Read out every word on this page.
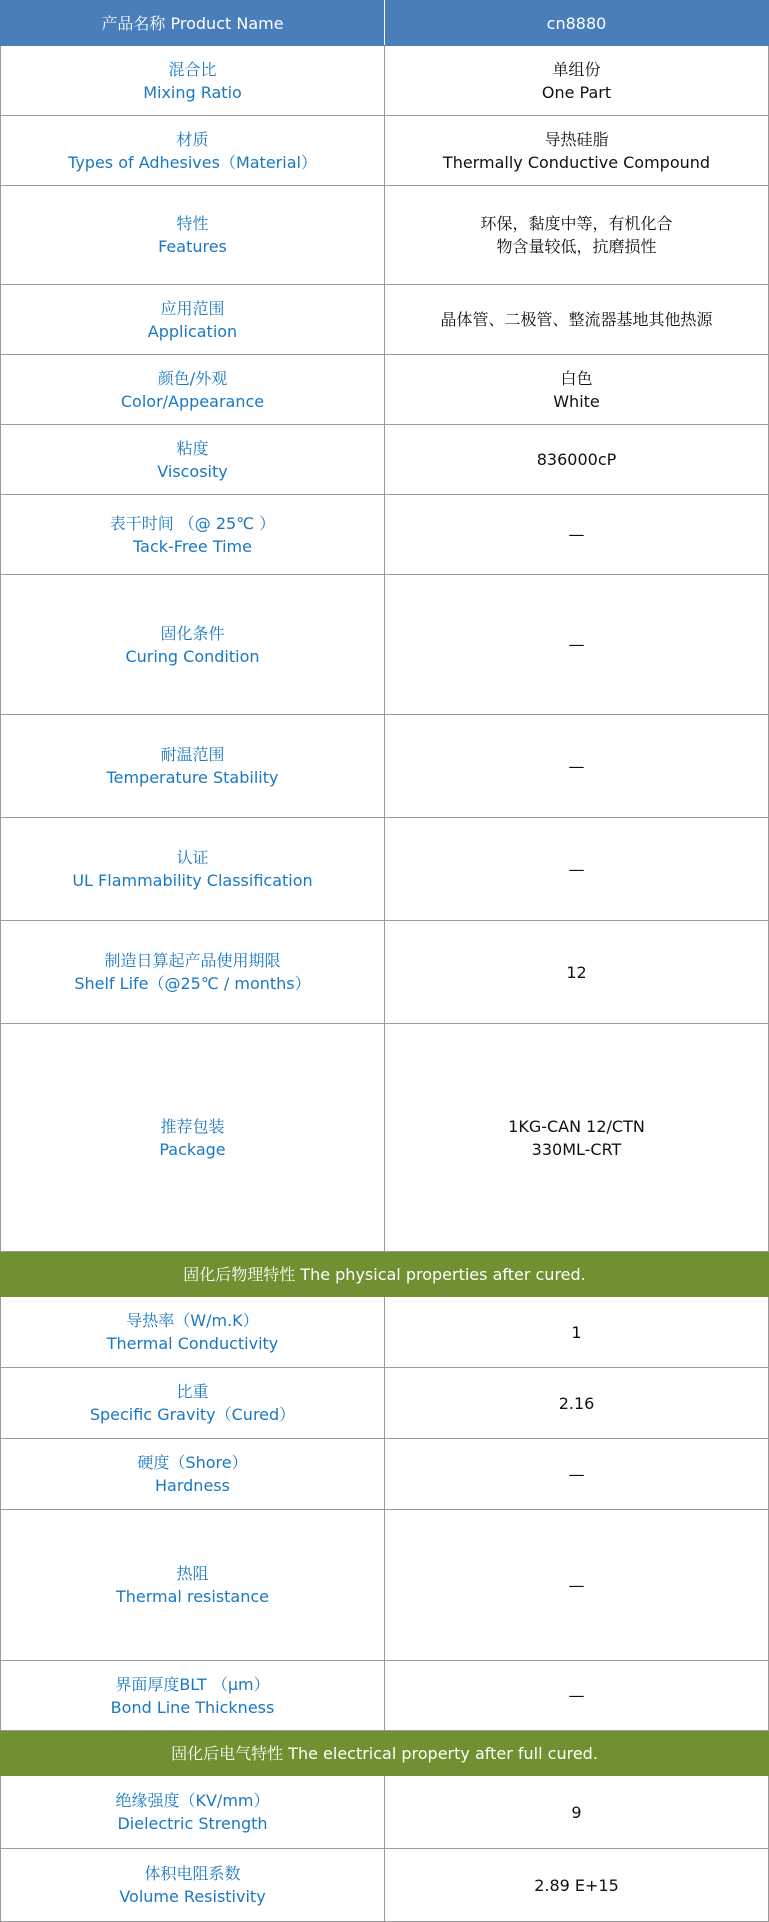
产品名称 Product Name	cn8880

混合比
Mixing Ratio	单组份
One Part

材质
Types of Adhesives（Material）	导热硅脂
Thermally Conductive Compound

特性
Features	环保，黏度中等，有机化合
物含量较低，抗磨损性

应用范围
Application	晶体管、二极管、整流器基地其他热源

颜色/外观
Color/Appearance	白色
White

粘度
Viscosity	836000cP

表干时间 （@ 25℃ ）
Tack-Free Time	—

固化条件
Curing Condition	—

耐温范围
Temperature Stability	—

认证
UL Flammability Classification	—

制造日算起产品使用期限
Shelf Life（@25℃ / months）	12

推荐包装
Package	1KG-CAN 12/CTN
330ML-CRT

固化后物理特性 The physical properties after cured.	

导热率（W/m.K）
Thermal Conductivity	1

比重
Specific Gravity（Cured）	2.16

硬度（Shore）
Hardness	—

热阻
Thermal resistance	—

界面厚度BLT （μm）
Bond Line Thickness	—

固化后电气特性 The electrical property after full cured.	

绝缘强度（KV/mm）
Dielectric Strength	9

体积电阻系数
Volume Resistivity	2.89 E+15
